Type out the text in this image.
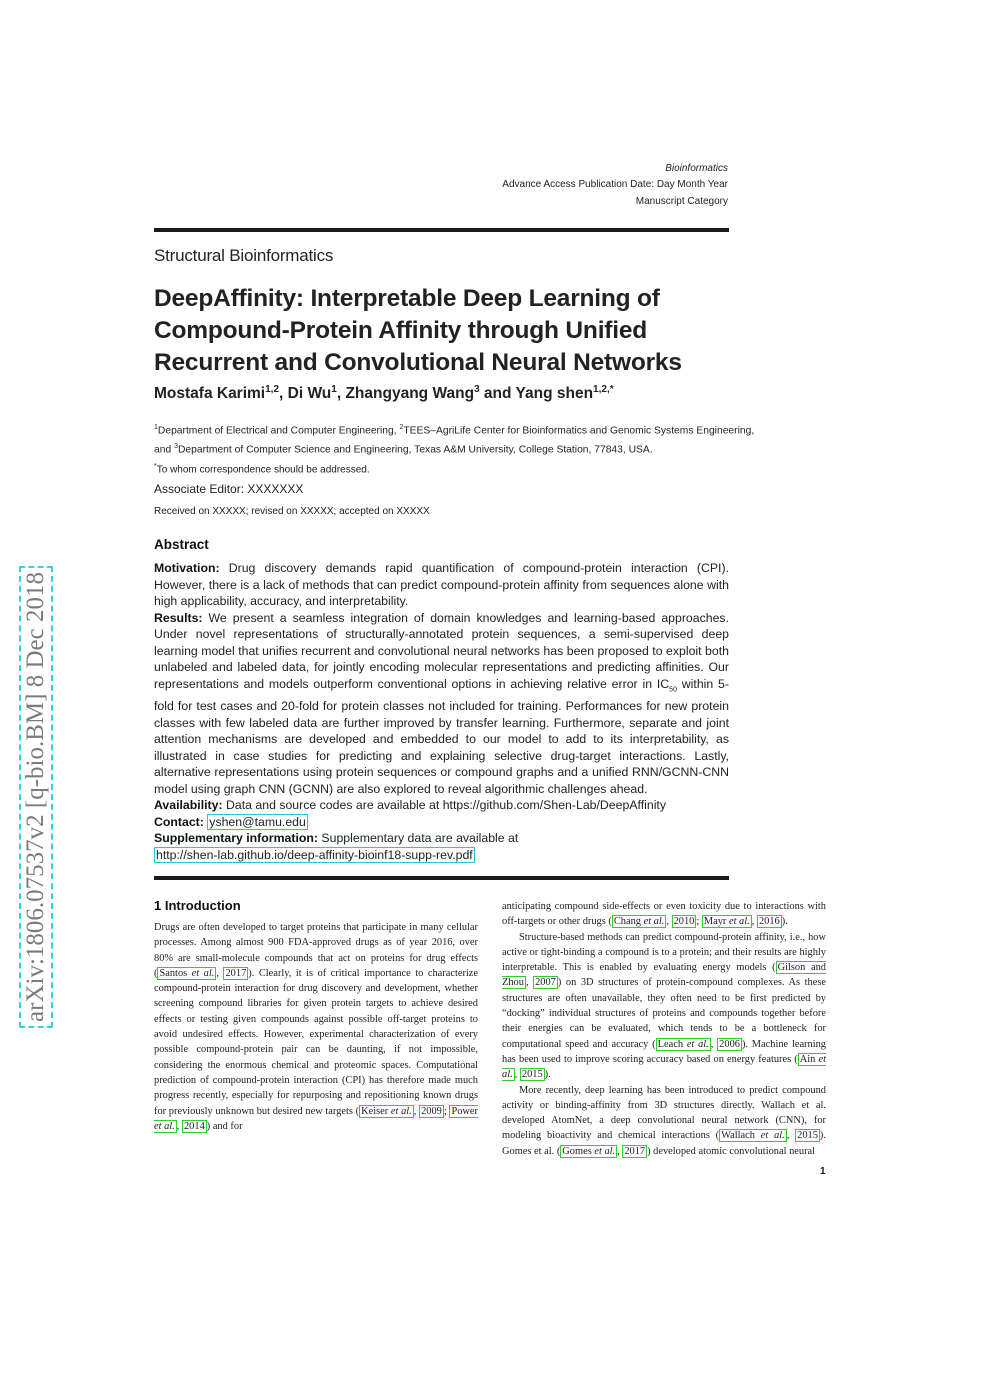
Bioinformatics
Advance Access Publication Date: Day Month Year
Manuscript Category
arXiv:1806.07537v2 [q-bio.BM] 8 Dec 2018
Structural Bioinformatics
DeepAffinity: Interpretable Deep Learning of Compound-Protein Affinity through Unified Recurrent and Convolutional Neural Networks
Mostafa Karimi$^{1,2}$, Di Wu$^1$, Zhangyang Wang$^3$ and Yang shen$^{1,2,*}$
$^1$Department of Electrical and Computer Engineering, $^2$TEES–AgriLife Center for Bioinformatics and Genomic Systems Engineering,
and $^3$Department of Computer Science and Engineering, Texas A&M University, College Station, 77843, USA.
*To whom correspondence should be addressed.
Associate Editor: XXXXXXX
Received on XXXXX; revised on XXXXX; accepted on XXXXX
Abstract

Motivation: Drug discovery demands rapid quantification of compound-protein interaction (CPI). However, there is a lack of methods that can predict compound-protein affinity from sequences alone with high applicability, accuracy, and interpretability.

Results: We present a seamless integration of domain knowledges and learning-based approaches. Under novel representations of structurally-annotated protein sequences, a semi-supervised deep learning model that unifies recurrent and convolutional neural networks has been proposed to exploit both unlabeled and labeled data, for jointly encoding molecular representations and predicting affinities. Our representations and models outperform conventional options in achieving relative error in $IC_{50}$ within 5-fold for test cases and 20-fold for protein classes not included for training. Performances for new protein classes with few labeled data are further improved by transfer learning. Furthermore, separate and joint attention mechanisms are developed and embedded to our model to add to its interpretability, as illustrated in case studies for predicting and explaining selective drug-target interactions. Lastly, alternative representations using protein sequences or compound graphs and a unified RNN/GCNN-CNN model using graph CNN (GCNN) are also explored to reveal algorithmic challenges ahead.

Availability: Data and source codes are available at https://github.com/Shen-Lab/DeepAffinity

Contact: yshen@tamu.edu

Supplementary information: Supplementary data are available at

http://shen-lab.github.io/deep-affinity-bioinf18-supp-rev.pdf

1 Introduction

Drugs are often developed to target proteins that participate in many cellular processes. Among almost 900 FDA-approved drugs as of year 2016, over 80% are small-molecule compounds that act on proteins for drug effects ( Santos et al. , 2017 ). Clearly, it is of critical importance to characterize compound-protein interaction for drug discovery and development, whether screening compound libraries for given protein targets to achieve desired effects or testing given compounds against possible off-target proteins to avoid undesired effects. However, experimental characterization of every possible compound-protein pair can be daunting, if not impossible, considering the enormous chemical and proteomic spaces. Computational prediction of compound-protein interaction (CPI) has therefore made much progress recently, especially for repurposing and repositioning known drugs for previously unknown but desired new targets ( Keiser et al. , 2009 ; Power et al. , 2014 ) and for

anticipating compound side-effects or even toxicity due to interactions with off-targets or other drugs ( Chang et al. , 2010 ; Mayr et al. , 2016 ).

Structure-based methods can predict compound-protein affinity, i.e., how active or tight-binding a compound is to a protein; and their results are highly interpretable. This is enabled by evaluating energy models ( Gilson and Zhou , 2007 ) on 3D structures of protein-compound complexes. As these structures are often unavailable, they often need to be first predicted by “docking” individual structures of proteins and compounds together before their energies can be evaluated, which tends to be a bottleneck for computational speed and accuracy ( Leach et al. , 2006 ). Machine learning has been used to improve scoring accuracy based on energy features ( Ain et al. , 2015 ).

More recently, deep learning has been introduced to predict compound activity or binding-affinity from 3D structures directly. Wallach et al. developed AtomNet, a deep convolutional neural network (CNN), for modeling bioactivity and chemical interactions ( Wallach et al. , 2015 ). Gomes et al. ( Gomes et al. , 2017 ) developed atomic convolutional neural

1
